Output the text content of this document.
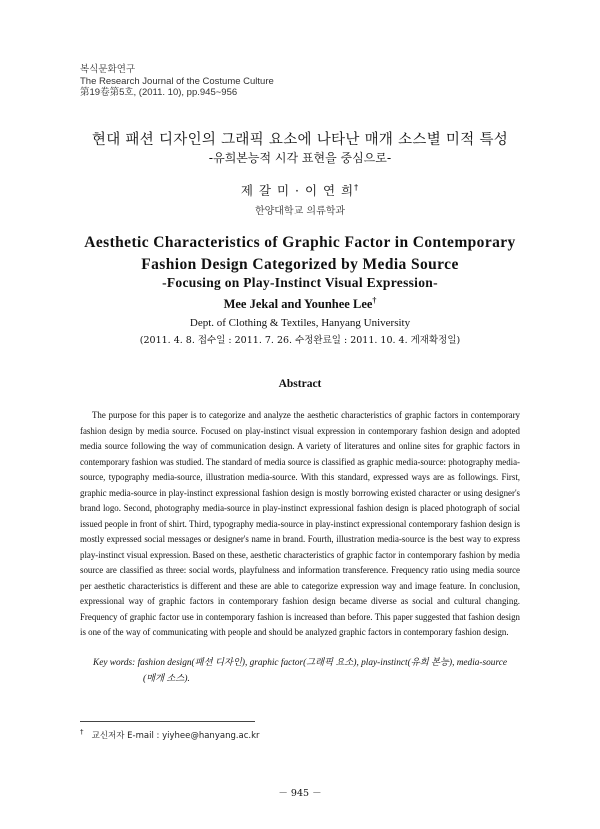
복식문화연구
The Research Journal of the Costume Culture
第19卷第5호, (2011. 10), pp.945~956
현대 패션 디자인의 그래픽 요소에 나타난 매개 소스별 미적 특성
-유희본능적 시각 표현을 중심으로-
제 갈 미 · 이 연 희†
한양대학교 의류학과
Aesthetic Characteristics of Graphic Factor in Contemporary Fashion Design Categorized by Media Source
-Focusing on Play-Instinct Visual Expression-
Mee Jekal and Younhee Lee†
Dept. of Clothing & Textiles, Hanyang University
(2011. 4. 8. 접수일 : 2011. 7. 26. 수정완료일 : 2011. 10. 4. 게재확정일)
Abstract

The purpose for this paper is to categorize and analyze the aesthetic characteristics of graphic factors in contemporary fashion design by media source. Focused on play-instinct visual expression in contemporary fashion design and adopted media source following the way of communication design. A variety of literatures and online sites for graphic factors in contemporary fashion was studied. The standard of media source is classified as graphic media-source: photography media-source, typography media-source, illustration media-source. With this standard, expressed ways are as followings. First, graphic media-source in play-instinct expressional fashion design is mostly borrowing existed character or using designer's brand logo. Second, photography media-source in play-instinct expressional fashion design is placed photograph of social issued people in front of shirt. Third, typography media-source in play-instinct expressional contemporary fashion design is mostly expressed social messages or designer's name in brand. Fourth, illustration media-source is the best way to express play-instinct visual expression. Based on these, aesthetic characteristics of graphic factor in contemporary fashion by media source are classified as three: social words, playfulness and information transference. Frequency ratio using media source per aesthetic characteristics is different and these are able to categorize expression way and image feature. In conclusion, expressional way of graphic factors in contemporary fashion design became diverse as social and cultural changing. Frequency of graphic factor use in contemporary fashion is increased than before. This paper suggested that fashion design is one of the way of communicating with people and should be analyzed graphic factors in contemporary fashion design.

Key words: fashion design(패션 디자인), graphic factor(그래픽 요소), play-instinct(유희 본능), media-source
(매개 소스).
† 교신저자 E-mail : yiyhee@hanyang.ac.kr
－ 945 －
